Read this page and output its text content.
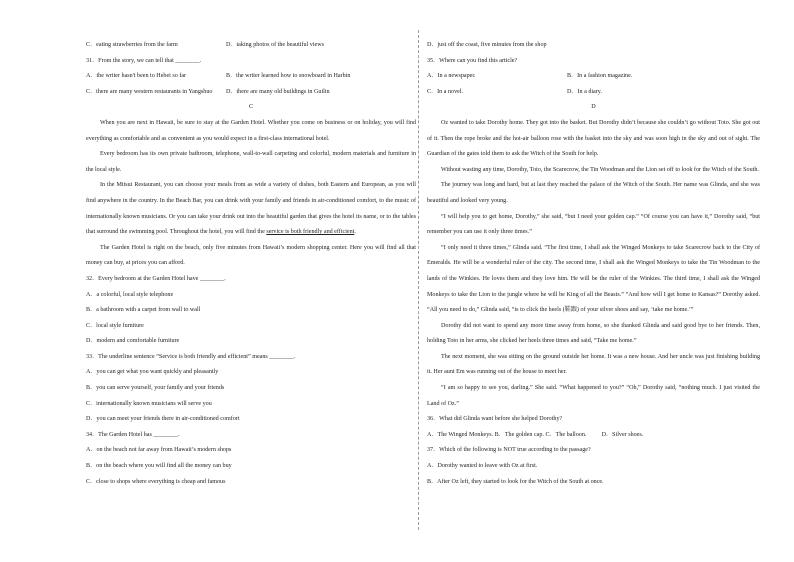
C．eating strawberries from the farm	D．taking photos of the beautiful views
31．From the story, we can tell that ________.
A．the writer hasn't been to Hebei so far	B．the writer learned how to snowboard in Harbin
C．there are many western restaurants in Yangshuo	D．there are many old buildings in Guilin
C
When you are next in Hawaii, be sure to stay at the Garden Hotel. Whether you come on business or on holiday, you will find everything as comfortable and as convenient as you would expect in a first-class international hotel.
Every bedroom has its own private bathroom, telephone, wall-to-wall carpeting and colorful, modern materials and furniture in the local style.
In the Mitsui Restaurant, you can choose your meals from as wide a variety of dishes, both Eastern and European, as you will find anywhere in the country. In the Beach Bar, you can drink with your family and friends in air-conditioned comfort, to the music of internationally known musicians. Or you can take your drink out into the beautiful garden that gives the hotel its name, or to the tables that surround the swimming pool. Throughout the hotel, you will find the service is both friendly and efficient.
The Garden Hotel is right on the beach, only five minutes from Hawaii’s modern shopping center. Here you will find all that money can buy, at prices you can afford.
32．Every bedroom at the Garden Hotel have ________.
A．a colorful, local style telephone
B．a bathroom with a carpet from wall to wall
C．local style furniture
D．modern and comfortable furniture
33．The underline sentence “Service is both friendly and efficient” means ________.
A．you can get what you want quickly and pleasantly
B．you can serve yourself, your family and your friends
C．internationally known musicians will serve you
D．you can meet your friends there in air-conditioned comfort
34．The Garden Hotel has ________.
A．on the beach not far away from Hawaii’s modern shops
B．on the beach where you will find all the money can buy
C．close to shops where everything is cheap and famous
D．just off the coast, five minutes from the shop
35．Where can you find this article?
A．In a newspaper.	B．In a fashion magazine.
C．In a novel.	D．In a diary.
D
Oz wanted to take Dorothy home. They got into the basket. But Dorothy didn’t because she couldn’t go without Toto. She got out of it. Then the rope broke and the hot-air balloon rose with the basket into the sky and was soon high in the sky and out of sight. The Guardian of the gates told them to ask the Witch of the South for help.
Without wasting any time, Dorothy, Toto, the Scarecrow, the Tin Woodman and the Lion set off to look for the Witch of the South.
The journey was long and hard, but at last they reached the palace of the Witch of the South. Her name was Glinda, and she was beautiful and looked very young.
“I will help you to get home, Dorothy,” she said, “but I need your golden cap.” “Of course you can have it,” Dorothy said, “but remember you can use it only three times.”
“I only need it three times,” Glinda said. “The first time, I shall ask the Winged Monkeys to take Scarecrow back to the City of Emeralds. He will be a wonderful ruler of the city. The second time, I shall ask the Winged Monkeys to take the Tin Woodman to the lands of the Winkies. He loves them and they love him. He will be the ruler of the Winkies. The third time, I shall ask the Winged Monkeys to take the Lion to the jungle where he will be King of all the Beasts.” “And how will I get home to Kansas?” Dorothy asked. “All you need to do,” Glinda said, “is to click the heels (鞋跟) of your silver shoes and say, ‘take me home.’”
Dorothy did not want to spend any more time away from home, so she thanked Glinda and said good bye to her friends. Then, holding Toto in her arms, she clicked her heels three times and said, “Take me home.”
The next moment, she was sitting on the ground outside her home. It was a new house. And her uncle was just finishing building it. Her aunt Em was running out of the house to meet her.
“I am so happy to see you, darling.” She said. “What happened to you?” “Oh,” Dorothy said, “nothing much. I just visited the Land of Oz.”
36．What did Glinda want before she helped Dorothy?
A．The Winged Monkeys. B．The golden cap. C．The balloon.          D．Silver shoes.
37．Which of the following is NOT true according to the passage?
A．Dorothy wanted to leave with Oz at first.
B．After Oz left, they started to look for the Witch of the South at once.
